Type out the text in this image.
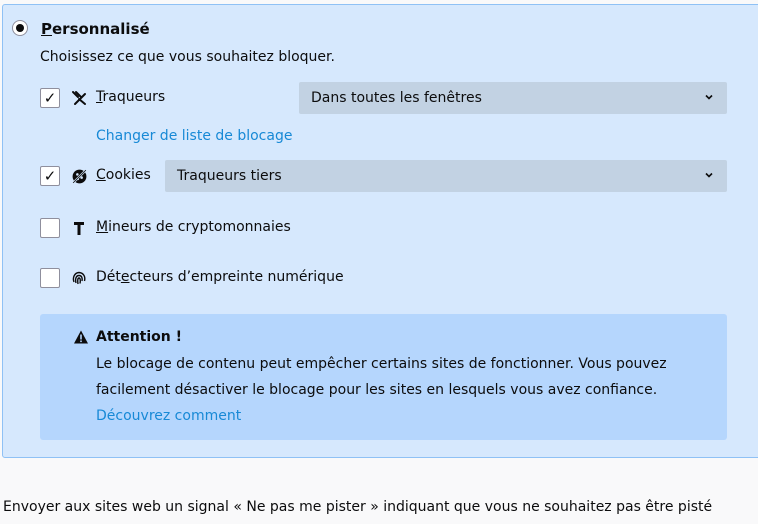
Personnalisé
Choisissez ce que vous souhaitez bloquer.
✓	Traqueurs	Dans toutes les fenêtres
Changer de liste de blocage
✓	Cookies Traqueurs tiers
Mineurs de cryptomonnaies
Détecteurs d’empreinte numérique
Attention !
Le blocage de contenu peut empêcher certains sites de fonctionner. Vous pouvez facilement désactiver le blocage pour les sites en lesquels vous avez confiance.
Découvrez comment
Envoyer aux sites web un signal « Ne pas me pister » indiquant que vous ne souhaitez pas être pisté
